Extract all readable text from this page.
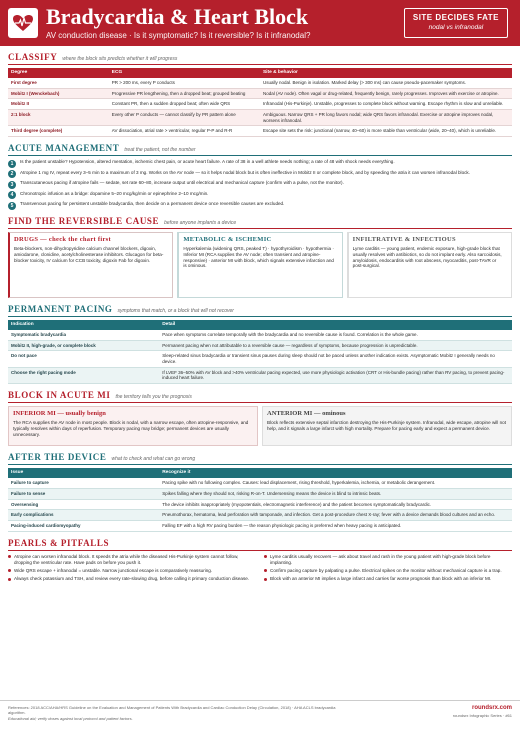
Bradycardia & Heart Block
AV conduction disease · Is it symptomatic? Is it reversible? Is it infranodal?
SITE DECIDES FATE
nodal vs infranodal
CLASSIFY where the block sits predicts whether it will progress
Degree	ECG	Site & behavior
First degree	PR > 200 ms, every P conducts	Usually nodal. Benign in isolation. Marked delay (> 300 ms) can cause pseudo-pacemaker symptoms.
Mobitz I (Wenckebach)	Progressive PR lengthening, then a dropped beat; grouped beating	Nodal (AV node). Often vagal or drug-related, frequently benign, rarely progresses. Improves with exercise or atropine.
Mobitz II	Constant PR, then a sudden dropped beat; often wide QRS	Infranodal (His-Purkinje). Unstable, progresses to complete block without warning. Escape rhythm is slow and unreliable.
2:1 block	Every other P conducts — cannot classify by PR pattern alone	Ambiguous. Narrow QRS + PR long favors nodal; wide QRS favors infranodal. Exercise or atropine improves nodal, worsens infranodal.
Third degree (complete)	AV dissociation, atrial rate > ventricular, regular P-P and R-R	Escape site sets the risk: junctional (narrow, 40–60) is more stable than ventricular (wide, 20–40), which is unreliable.
ACUTE MANAGEMENT treat the patient, not the number
1	Is the patient unstable? Hypotension, altered mentation, ischemic chest pain, or acute heart failure. A rate of 38 in a well athlete needs nothing; a rate of 48 with shock needs everything.
2	Atropine 1 mg IV, repeat every 3–5 min to a maximum of 3 mg. Works on the AV node — so it helps nodal block but is often ineffective in Mobitz II or complete block, and by speeding the atria it can worsen infranodal block.
3	Transcutaneous pacing if atropine fails — sedate, set rate 60–80, increase output until electrical and mechanical capture (confirm with a pulse, not the monitor).
4	Chronotropic infusion as a bridge: dopamine 5–20 mcg/kg/min or epinephrine 2–10 mcg/min.
5	Transvenous pacing for persistent unstable bradycardia, then decide on a permanent device once reversible causes are excluded.
FIND THE REVERSIBLE CAUSE before anyone implants a device
DRUGS — check the chart first
Beta-blockers, non-dihydropyridine calcium channel blockers, digoxin, amiodarone, clonidine, acetylcholinesterase inhibitors. Glucagon for beta-blocker toxicity, IV calcium for CCB toxicity, digoxin Fab for digoxin.
METABOLIC & ISCHEMIC
Hyperkalemia (widening QRS, peaked T) · hypothyroidism · hypothermia · Inferior MI (RCA supplies the AV node; often transient and atropine-responsive) · anterior MI with block, which signals extensive infarction and is ominous.
INFILTRATIVE & INFECTIOUS
Lyme carditis — young patient, endemic exposure, high-grade block that usually resolves with antibiotics, so do not implant early. Also sarcoidosis, amyloidosis, endocarditis with root abscess, myocarditis, post-TAVR or post-surgical.
PERMANENT PACING symptoms that match, or a block that will not recover
Indication	Detail
Symptomatic bradycardia	Pace when symptoms correlate temporally with the bradycardia and no reversible cause is found. Correlation is the whole game.
Mobitz II, high-grade, or complete block	Permanent pacing when not attributable to a reversible cause — regardless of symptoms, because progression is unpredictable.
Do not pace	Sleep-related sinus bradycardia or transient sinus pauses during sleep should not be paced unless another indication exists. Asymptomatic Mobitz I generally needs no device.
Choose the right pacing mode	If LVEF 36–50% with AV block and >40% ventricular pacing expected, use more physiologic activation (CRT or His-bundle pacing) rather than RV pacing, to prevent pacing-induced heart failure.
BLOCK IN ACUTE MI the territory tells you the prognosis
INFERIOR MI — usually benign
The RCA supplies the AV node in most people. Block is nodal, with a narrow escape, often atropine-responsive, and typically resolves within days of reperfusion. Temporary pacing may bridge; permanent devices are usually unnecessary.
ANTERIOR MI — ominous
Block reflects extensive septal infarction destroying the His-Purkinje system. Infranodal, wide escape, atropine will not help, and it signals a large infarct with high mortality. Prepare for pacing early and expect a permanent device.
AFTER THE DEVICE what to check and what can go wrong
Issue	Recognize it
Failure to capture	Pacing spike with no following complex. Causes: lead displacement, rising threshold, hyperkalemia, ischemia, or metabolic derangement.
Failure to sense	Spikes falling where they should not, risking R-on-T. Undersensing means the device is blind to intrinsic beats.
Oversensing	The device inhibits inappropriately (myopotentials, electromagnetic interference) and the patient becomes symptomatically bradycardic.
Early complications	Pneumothorax, hematoma, lead perforation with tamponade, and infection. Get a post-procedure chest X-ray; fever with a device demands blood cultures and an echo.
Pacing-induced cardiomyopathy	Falling EF with a high RV pacing burden — the reason physiologic pacing is preferred when heavy pacing is anticipated.
PEARLS & PITFALLS
Atropine can worsen infranodal block. It speeds the atria while the diseased His-Purkinje system cannot follow, dropping the ventricular rate. Have pads on before you push it.
Wide QRS escape + infranodal = unstable. Narrow junctional escape is comparatively reassuring.
Always check potassium and TSH, and review every rate-slowing drug, before calling it primary conduction disease.
Lyme carditis usually recovers — ask about travel and rash in the young patient with high-grade block before implanting.
Confirm pacing capture by palpating a pulse. Electrical spikes on the monitor without mechanical capture is a trap.
Block with an anterior MI implies a large infarct and carries far worse prognosis than block with an inferior MI.
References: 2018 ACC/AHA/HRS Guideline on the Evaluation and Management of Patients With Bradycardia and Cardiac Conduction Delay (Circulation, 2018) · AHA ACLS bradycardia algorithm.
Educational aid; verify doses against local protocol and patient factors.
roundsrx.com
roundsrx Infographic Series · #61
